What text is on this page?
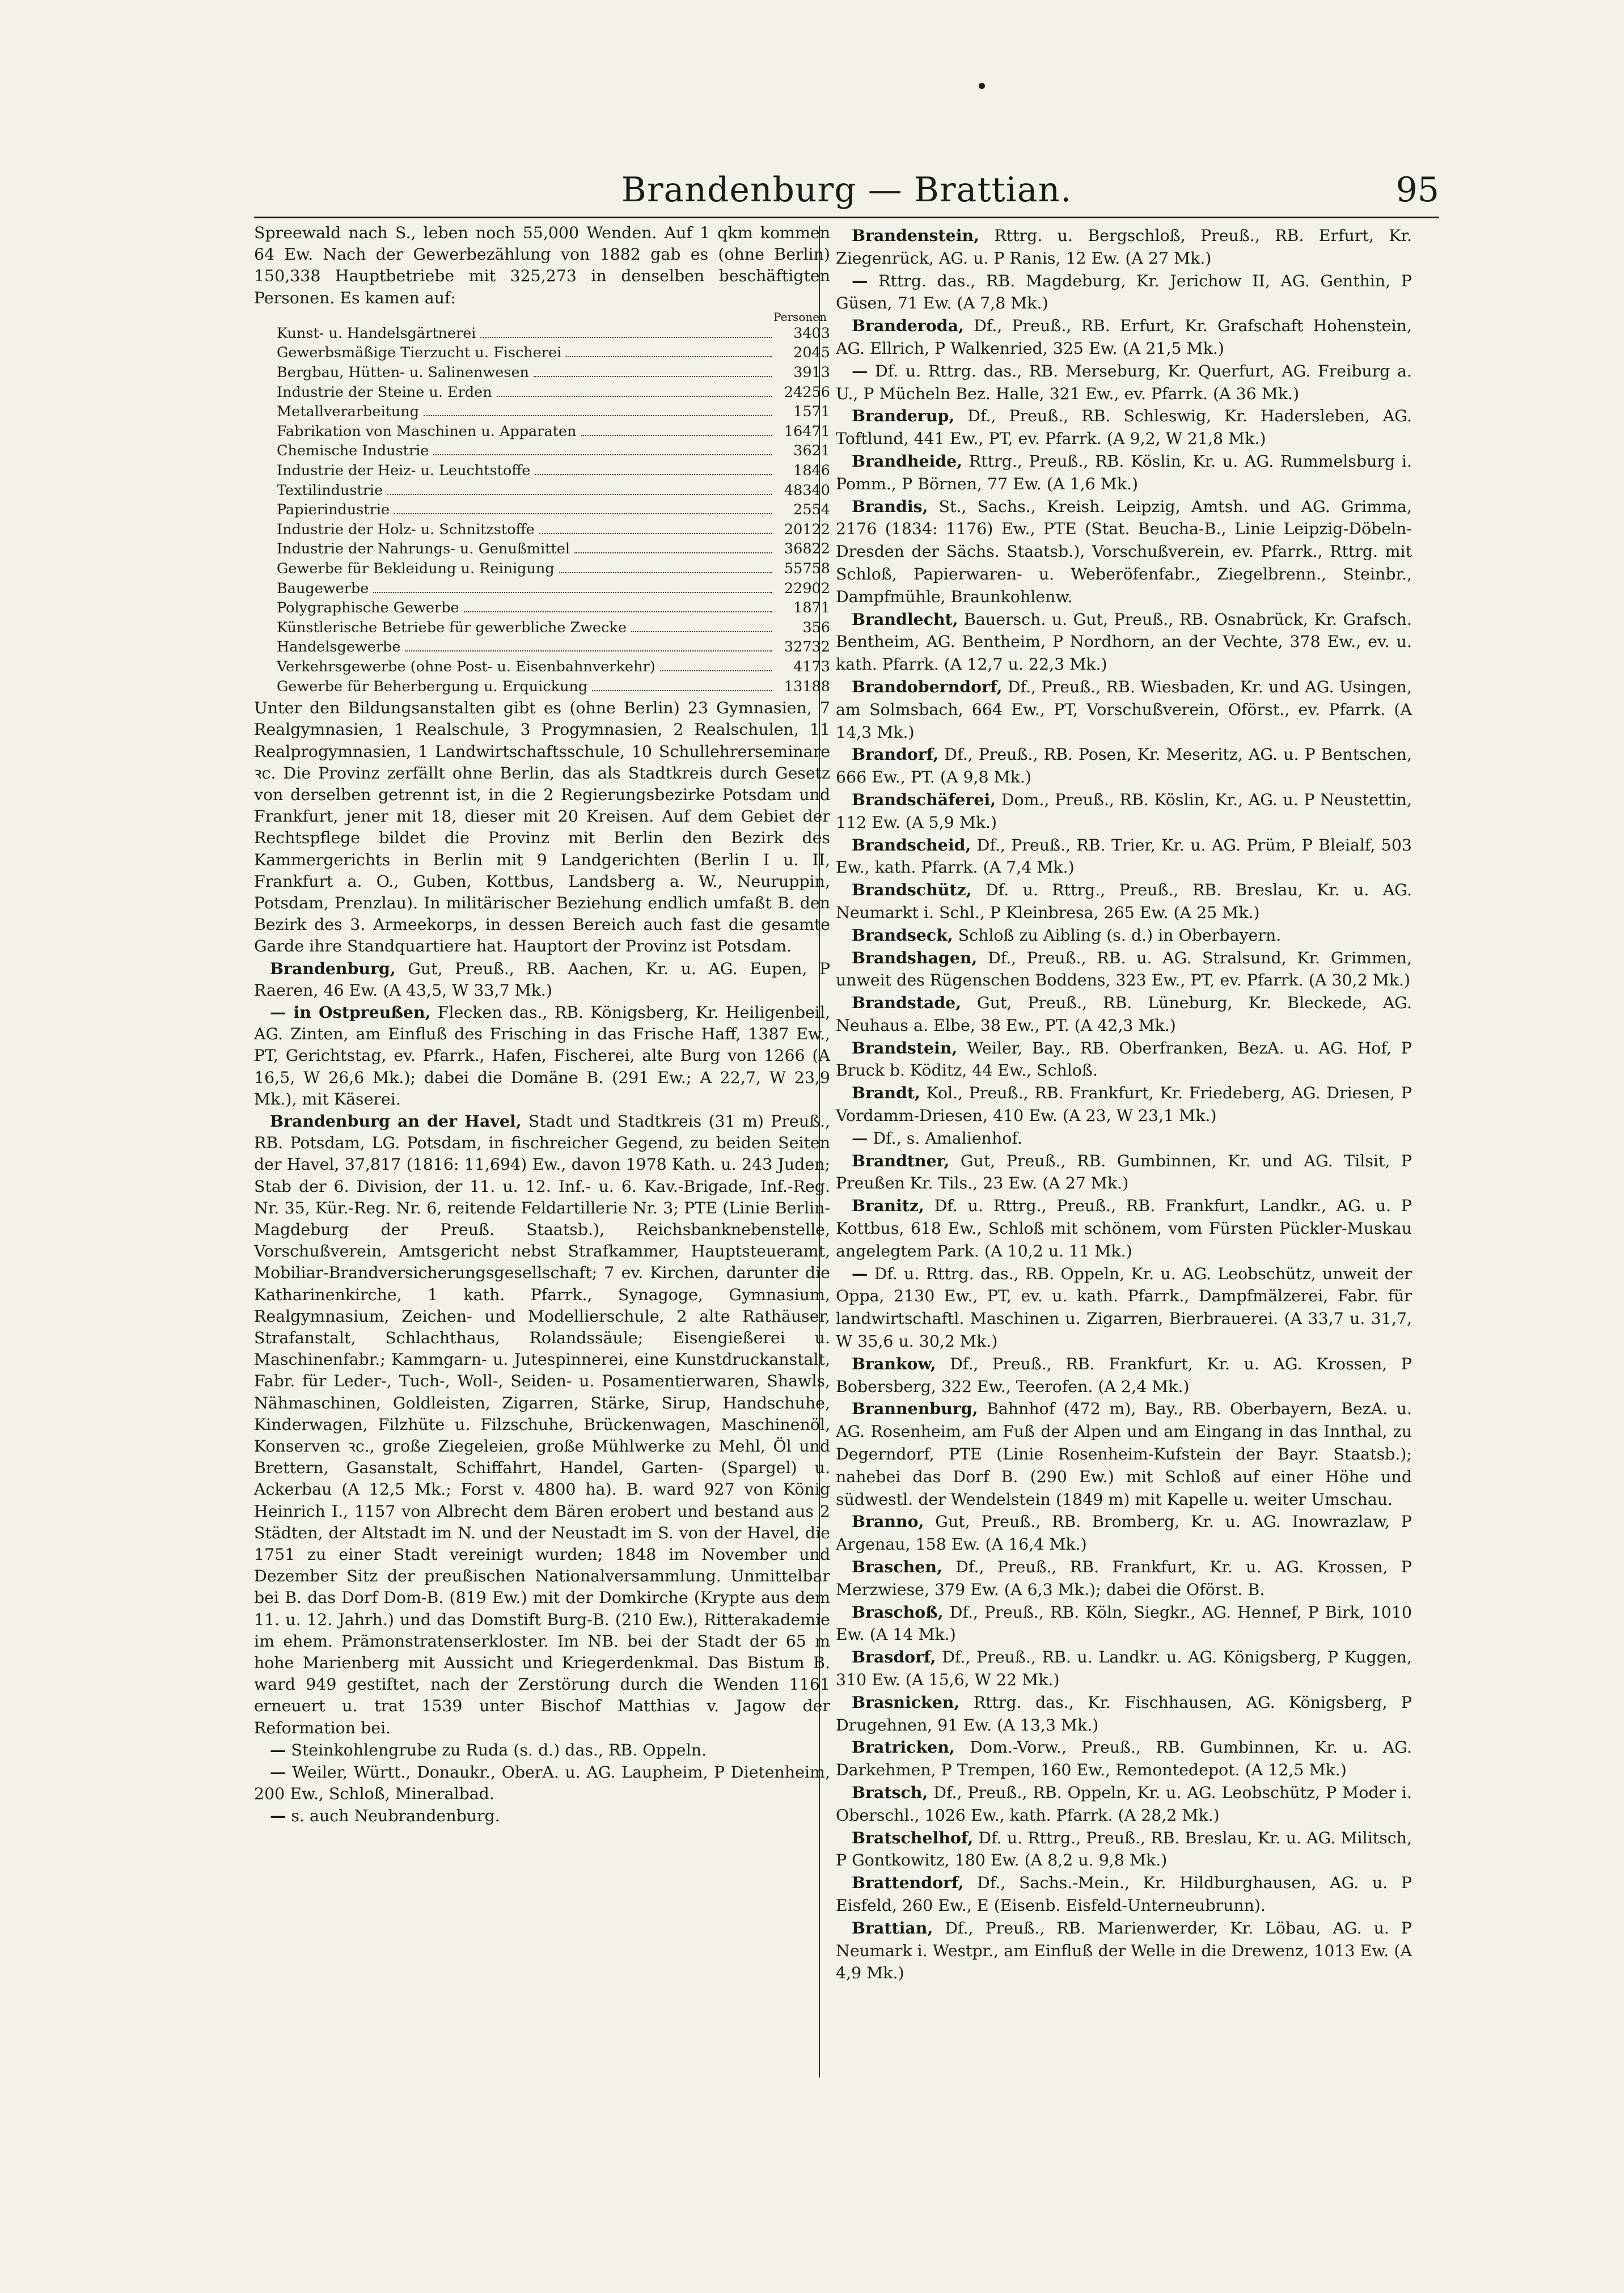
Brandenburg — Brattian.	95

Spreewald nach S., leben noch 55,000 Wenden. Auf 1 qkm kommen 64 Ew. Nach der Gewerbezählung von 1882 gab es (ohne Berlin) 150,338 Hauptbetriebe mit 325,273 in denselben beschäftigten Personen. Es kamen auf:

Personen
Kunst- u. Handelsgärtnerei	3403
Gewerbsmäßige Tierzucht u. Fischerei	2045
Bergbau, Hütten- u. Salinenwesen	3913
Industrie der Steine u. Erden	24256
Metallverarbeitung	1571
Fabrikation von Maschinen u. Apparaten	16471
Chemische Industrie	3621
Industrie der Heiz- u. Leuchtstoffe	1846
Textilindustrie	48340
Papierindustrie	2554
Industrie der Holz- u. Schnitzstoffe	20122
Industrie der Nahrungs- u. Genußmittel	36822
Gewerbe für Bekleidung u. Reinigung	55758
Baugewerbe	22902
Polygraphische Gewerbe	1871
Künstlerische Betriebe für gewerbliche Zwecke	356
Handelsgewerbe	32732
Verkehrsgewerbe (ohne Post- u. Eisenbahnverkehr)	4173
Gewerbe für Beherbergung u. Erquickung	13188

Unter den Bildungsanstalten gibt es (ohne Berlin) 23 Gymnasien, 7 Realgymnasien, 1 Realschule, 3 Progymnasien, 2 Realschulen, 11 Realprogymnasien, 1 Landwirtschaftsschule, 10 Schullehrerseminare ꝛc. Die Provinz zerfällt ohne Berlin, das als Stadtkreis durch Gesetz von derselben getrennt ist, in die 2 Regierungsbezirke Potsdam und Frankfurt, jener mit 18, dieser mit 20 Kreisen. Auf dem Gebiet der Rechtspflege bildet die Provinz mit Berlin den Bezirk des Kammergerichts in Berlin mit 9 Landgerichten (Berlin I u. II, Frankfurt a. O., Guben, Kottbus, Landsberg a. W., Neuruppin, Potsdam, Prenzlau). In militärischer Beziehung endlich umfaßt B. den Bezirk des 3. Armeekorps, in dessen Bereich auch fast die gesamte Garde ihre Standquartiere hat. Hauptort der Provinz ist Potsdam.

Brandenburg, Gut, Preuß., RB. Aachen, Kr. u. AG. Eupen, P Raeren, 46 Ew. (A 43,5, W 33,7 Mk.)

— in Ostpreußen, Flecken das., RB. Königsberg, Kr. Heiligenbeil, AG. Zinten, am Einfluß des Frisching in das Frische Haff, 1387 Ew., PT, Gerichtstag, ev. Pfarrk., Hafen, Fischerei, alte Burg von 1266 (A 16,5, W 26,6 Mk.); dabei die Domäne B. (291 Ew.; A 22,7, W 23,9 Mk.), mit Käserei.

Brandenburg an der Havel, Stadt und Stadtkreis (31 m) Preuß., RB. Potsdam, LG. Potsdam, in fischreicher Gegend, zu beiden Seiten der Havel, 37,817 (1816: 11,694) Ew., davon 1978 Kath. u. 243 Juden; Stab der 6. Division, der 11. u. 12. Inf.- u. 6. Kav.-Brigade, Inf.-Reg. Nr. 35, Kür.-Reg. Nr. 6, reitende Feldartillerie Nr. 3; PTE (Linie Berlin-Magdeburg der Preuß. Staatsb.), Reichsbanknebenstelle, Vorschußverein, Amtsgericht nebst Strafkammer, Hauptsteueramt, Mobiliar-Brandversicherungsgesellschaft; 7 ev. Kirchen, darunter die Katharinenkirche, 1 kath. Pfarrk., Synagoge, Gymnasium, Realgymnasium, Zeichen- und Modellierschule, 2 alte Rathäuser, Strafanstalt, Schlachthaus, Rolandssäule; Eisengießerei u. Maschinenfabr.; Kammgarn- u. Jutespinnerei, eine Kunstdruckanstalt, Fabr. für Leder-, Tuch-, Woll-, Seiden- u. Posamentierwaren, Shawls, Nähmaschinen, Goldleisten, Zigarren, Stärke, Sirup, Handschuhe, Kinderwagen, Filzhüte u. Filzschuhe, Brückenwagen, Maschinenöl, Konserven ꝛc., große Ziegeleien, große Mühlwerke zu Mehl, Öl und Brettern, Gasanstalt, Schiffahrt, Handel, Garten- (Spargel) u. Ackerbau (A 12,5 Mk.; Forst v. 4800 ha). B. ward 927 von König Heinrich I., 1157 von Albrecht dem Bären erobert und bestand aus 2 Städten, der Altstadt im N. und der Neustadt im S. von der Havel, die 1751 zu einer Stadt vereinigt wurden; 1848 im November und Dezember Sitz der preußischen Nationalversammlung. Unmittelbar bei B. das Dorf Dom-B. (819 Ew.) mit der Domkirche (Krypte aus dem 11. u. 12. Jahrh.) und das Domstift Burg-B. (210 Ew.), Ritterakademie im ehem. Prämonstratenserkloster. Im NB. bei der Stadt der 65 m hohe Marienberg mit Aussicht und Kriegerdenkmal. Das Bistum B. ward 949 gestiftet, nach der Zerstörung durch die Wenden 1161 erneuert u. trat 1539 unter Bischof Matthias v. Jagow der Reformation bei.

— Steinkohlengrube zu Ruda (s. d.) das., RB. Oppeln.

— Weiler, Württ., Donaukr., OberA. u. AG. Laupheim, P Dietenheim, 200 Ew., Schloß, Mineralbad.

— s. auch Neubrandenburg.

Brandenstein, Rttrg. u. Bergschloß, Preuß., RB. Erfurt, Kr. Ziegenrück, AG. u. P Ranis, 12 Ew. (A 27 Mk.)

— Rttrg. das., RB. Magdeburg, Kr. Jerichow II, AG. Genthin, P Güsen, 71 Ew. (A 7,8 Mk.)

Branderoda, Df., Preuß., RB. Erfurt, Kr. Grafschaft Hohenstein, AG. Ellrich, P Walkenried, 325 Ew. (A 21,5 Mk.)

— Df. u. Rttrg. das., RB. Merseburg, Kr. Querfurt, AG. Freiburg a. U., P Mücheln Bez. Halle, 321 Ew., ev. Pfarrk. (A 36 Mk.)

Branderup, Df., Preuß., RB. Schleswig, Kr. Hadersleben, AG. Toftlund, 441 Ew., PT, ev. Pfarrk. (A 9,2, W 21,8 Mk.)

Brandheide, Rttrg., Preuß., RB. Köslin, Kr. u. AG. Rummelsburg i. Pomm., P Börnen, 77 Ew. (A 1,6 Mk.)

Brandis, St., Sachs., Kreish. Leipzig, Amtsh. und AG. Grimma, 2176 (1834: 1176) Ew., PTE (Stat. Beucha-B., Linie Leipzig-Döbeln-Dresden der Sächs. Staatsb.), Vorschußverein, ev. Pfarrk., Rttrg. mit Schloß, Papierwaren- u. Weberöfenfabr., Ziegelbrenn., Steinbr., Dampfmühle, Braunkohlenw.

Brandlecht, Bauersch. u. Gut, Preuß., RB. Osnabrück, Kr. Grafsch. Bentheim, AG. Bentheim, P Nordhorn, an der Vechte, 378 Ew., ev. u. kath. Pfarrk. (A 12,7 u. 22,3 Mk.)

Brandoberndorf, Df., Preuß., RB. Wiesbaden, Kr. und AG. Usingen, am Solmsbach, 664 Ew., PT, Vorschußverein, Oförst., ev. Pfarrk. (A 14,3 Mk.)

Brandorf, Df., Preuß., RB. Posen, Kr. Meseritz, AG. u. P Bentschen, 666 Ew., PT. (A 9,8 Mk.)

Brandschäferei, Dom., Preuß., RB. Köslin, Kr., AG. u. P Neustettin, 112 Ew. (A 5,9 Mk.)

Brandscheid, Df., Preuß., RB. Trier, Kr. u. AG. Prüm, P Bleialf, 503 Ew., kath. Pfarrk. (A 7,4 Mk.)

Brandschütz, Df. u. Rttrg., Preuß., RB. Breslau, Kr. u. AG. Neumarkt i. Schl., P Kleinbresa, 265 Ew. (A 25 Mk.)

Brandseck, Schloß zu Aibling (s. d.) in Oberbayern.

Brandshagen, Df., Preuß., RB. u. AG. Stralsund, Kr. Grimmen, unweit des Rügenschen Boddens, 323 Ew., PT, ev. Pfarrk. (A 30,2 Mk.)

Brandstade, Gut, Preuß., RB. Lüneburg, Kr. Bleckede, AG. Neuhaus a. Elbe, 38 Ew., PT. (A 42,3 Mk.)

Brandstein, Weiler, Bay., RB. Oberfranken, BezA. u. AG. Hof, P Bruck b. Köditz, 44 Ew., Schloß.

Brandt, Kol., Preuß., RB. Frankfurt, Kr. Friedeberg, AG. Driesen, P Vordamm-Driesen, 410 Ew. (A 23, W 23,1 Mk.)

— Df., s. Amalienhof.

Brandtner, Gut, Preuß., RB. Gumbinnen, Kr. und AG. Tilsit, P Preußen Kr. Tils., 23 Ew. (A 27 Mk.)

Branitz, Df. u. Rttrg., Preuß., RB. Frankfurt, Landkr., AG. u. P Kottbus, 618 Ew., Schloß mit schönem, vom Fürsten Pückler-Muskau angelegtem Park. (A 10,2 u. 11 Mk.)

— Df. u. Rttrg. das., RB. Oppeln, Kr. u. AG. Leobschütz, unweit der Oppa, 2130 Ew., PT, ev. u. kath. Pfarrk., Dampfmälzerei, Fabr. für landwirtschaftl. Maschinen u. Zigarren, Bierbrauerei. (A 33,7 u. 31,7, W 35,6 u. 30,2 Mk.)

Brankow, Df., Preuß., RB. Frankfurt, Kr. u. AG. Krossen, P Bobersberg, 322 Ew., Teerofen. (A 2,4 Mk.)

Brannenburg, Bahnhof (472 m), Bay., RB. Oberbayern, BezA. u. AG. Rosenheim, am Fuß der Alpen und am Eingang in das Innthal, zu Degerndorf, PTE (Linie Rosenheim-Kufstein der Bayr. Staatsb.); nahebei das Dorf B. (290 Ew.) mit Schloß auf einer Höhe und südwestl. der Wendelstein (1849 m) mit Kapelle u. weiter Umschau.

Branno, Gut, Preuß., RB. Bromberg, Kr. u. AG. Inowrazlaw, P Argenau, 158 Ew. (A 16,4 Mk.)

Braschen, Df., Preuß., RB. Frankfurt, Kr. u. AG. Krossen, P Merzwiese, 379 Ew. (A 6,3 Mk.); dabei die Oförst. B.

Braschoß, Df., Preuß., RB. Köln, Siegkr., AG. Hennef, P Birk, 1010 Ew. (A 14 Mk.)

Brasdorf, Df., Preuß., RB. u. Landkr. u. AG. Königsberg, P Kuggen, 310 Ew. (A 15,6, W 22 Mk.)

Brasnicken, Rttrg. das., Kr. Fischhausen, AG. Königsberg, P Drugehnen, 91 Ew. (A 13,3 Mk.)

Bratricken, Dom.-Vorw., Preuß., RB. Gumbinnen, Kr. u. AG. Darkehmen, P Trempen, 160 Ew., Remontedepot. (A 12,5 Mk.)

Bratsch, Df., Preuß., RB. Oppeln, Kr. u. AG. Leobschütz, P Moder i. Oberschl., 1026 Ew., kath. Pfarrk. (A 28,2 Mk.)

Bratschelhof, Df. u. Rttrg., Preuß., RB. Breslau, Kr. u. AG. Militsch, P Gontkowitz, 180 Ew. (A 8,2 u. 9,8 Mk.)

Brattendorf, Df., Sachs.-Mein., Kr. Hildburghausen, AG. u. P Eisfeld, 260 Ew., E (Eisenb. Eisfeld-Unterneubrunn).

Brattian, Df., Preuß., RB. Marienwerder, Kr. Löbau, AG. u. P Neumark i. Westpr., am Einfluß der Welle in die Drewenz, 1013 Ew. (A 4,9 Mk.)
